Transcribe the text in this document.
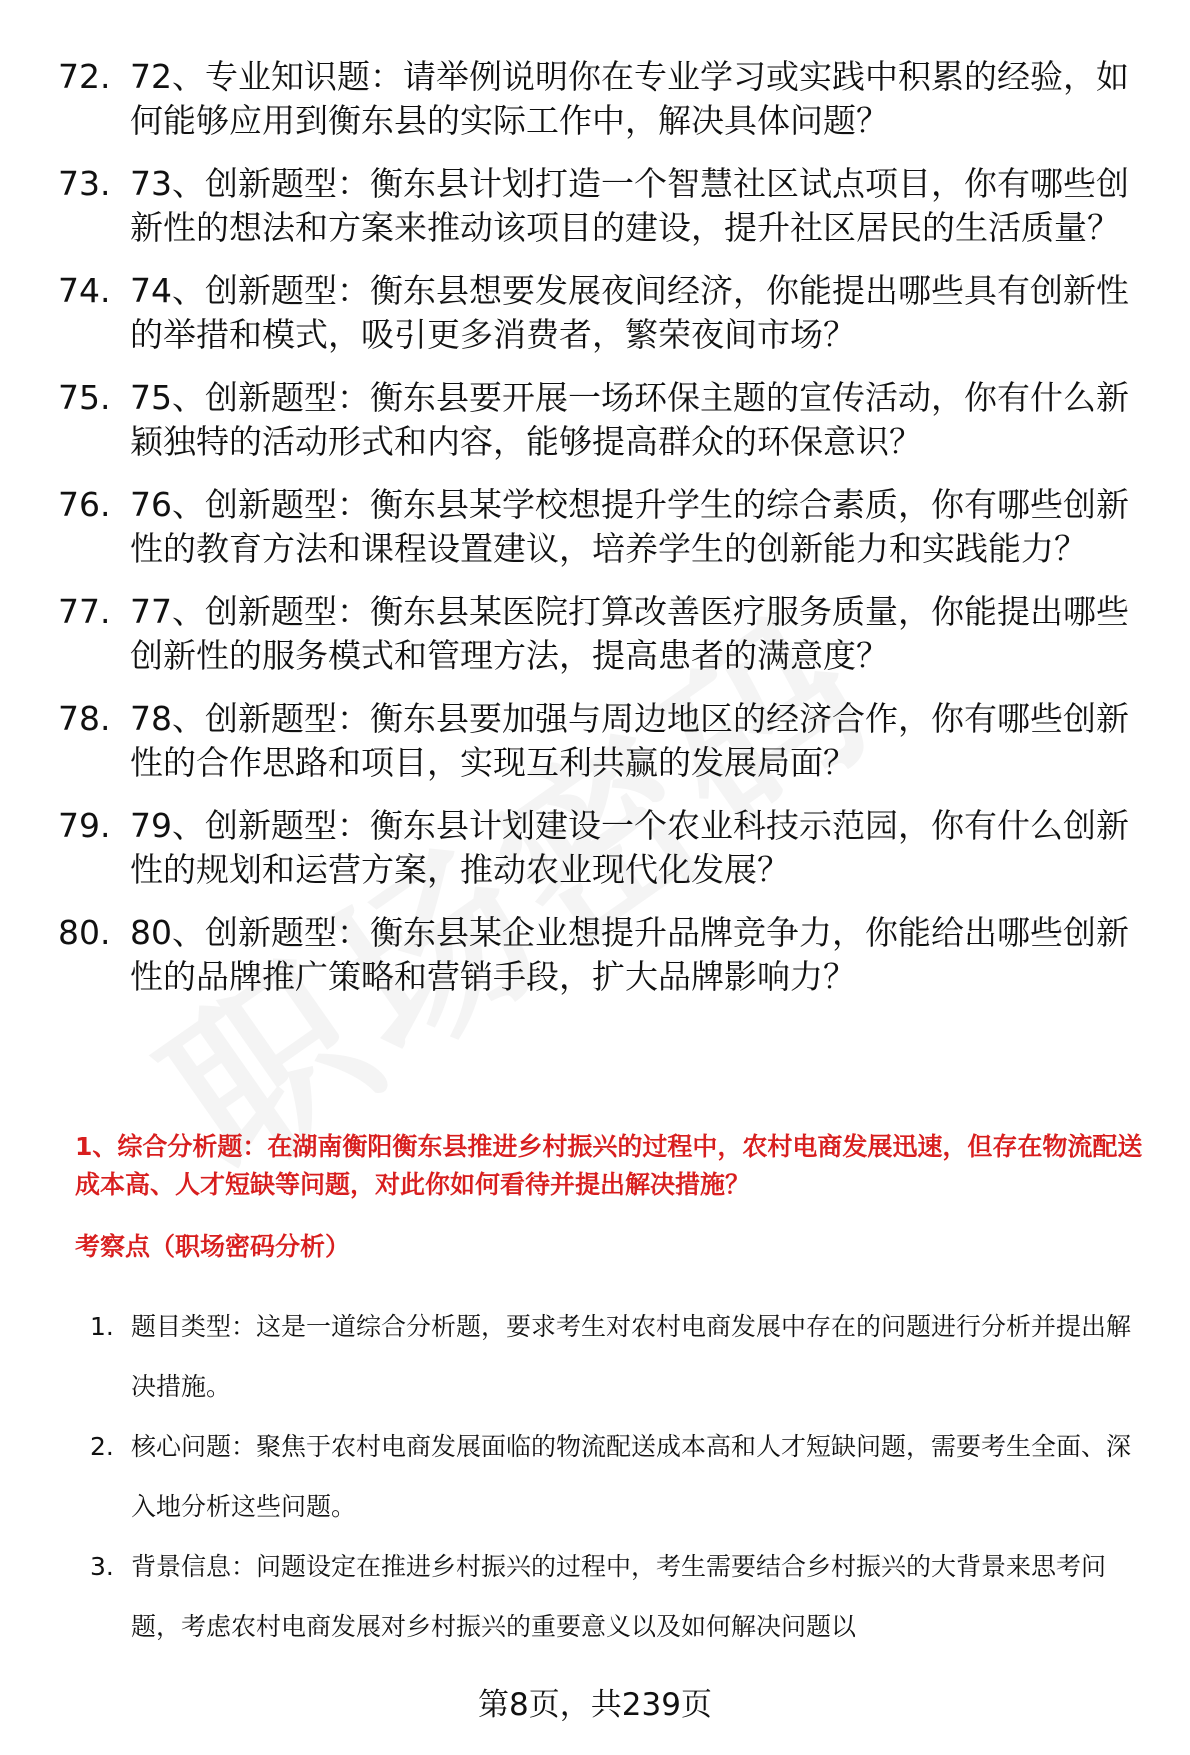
72. 72、专业知识题：请举例说明你在专业学习或实践中积累的经验，如何能够应用到衡东县的实际工作中，解决具体问题？
73. 73、创新题型：衡东县计划打造一个智慧社区试点项目，你有哪些创新性的想法和方案来推动该项目的建设，提升社区居民的生活质量？
74. 74、创新题型：衡东县想要发展夜间经济，你能提出哪些具有创新性的举措和模式，吸引更多消费者，繁荣夜间市场？
75. 75、创新题型：衡东县要开展一场环保主题的宣传活动，你有什么新颖独特的活动形式和内容，能够提高群众的环保意识？
76. 76、创新题型：衡东县某学校想提升学生的综合素质，你有哪些创新性的教育方法和课程设置建议，培养学生的创新能力和实践能力？
77. 77、创新题型：衡东县某医院打算改善医疗服务质量，你能提出哪些创新性的服务模式和管理方法，提高患者的满意度？
78. 78、创新题型：衡东县要加强与周边地区的经济合作，你有哪些创新性的合作思路和项目，实现互利共赢的发展局面？
79. 79、创新题型：衡东县计划建设一个农业科技示范园，你有什么创新性的规划和运营方案，推动农业现代化发展？
80. 80、创新题型：衡东县某企业想提升品牌竞争力，你能给出哪些创新性的品牌推广策略和营销手段，扩大品牌影响力？
1、综合分析题：在湖南衡阳衡东县推进乡村振兴的过程中，农村电商发展迅速，但存在物流配送成本高、人才短缺等问题，对此你如何看待并提出解决措施？
考察点（职场密码分析）
1. 题目类型：这是一道综合分析题，要求考生对农村电商发展中存在的问题进行分析并提出解决措施。
2. 核心问题：聚焦于农村电商发展面临的物流配送成本高和人才短缺问题，需要考生全面、深入地分析这些问题。
3. 背景信息：问题设定在推进乡村振兴的过程中，考生需要结合乡村振兴的大背景来思考问题，考虑农村电商发展对乡村振兴的重要意义以及如何解决问题以
第8页，共239页
